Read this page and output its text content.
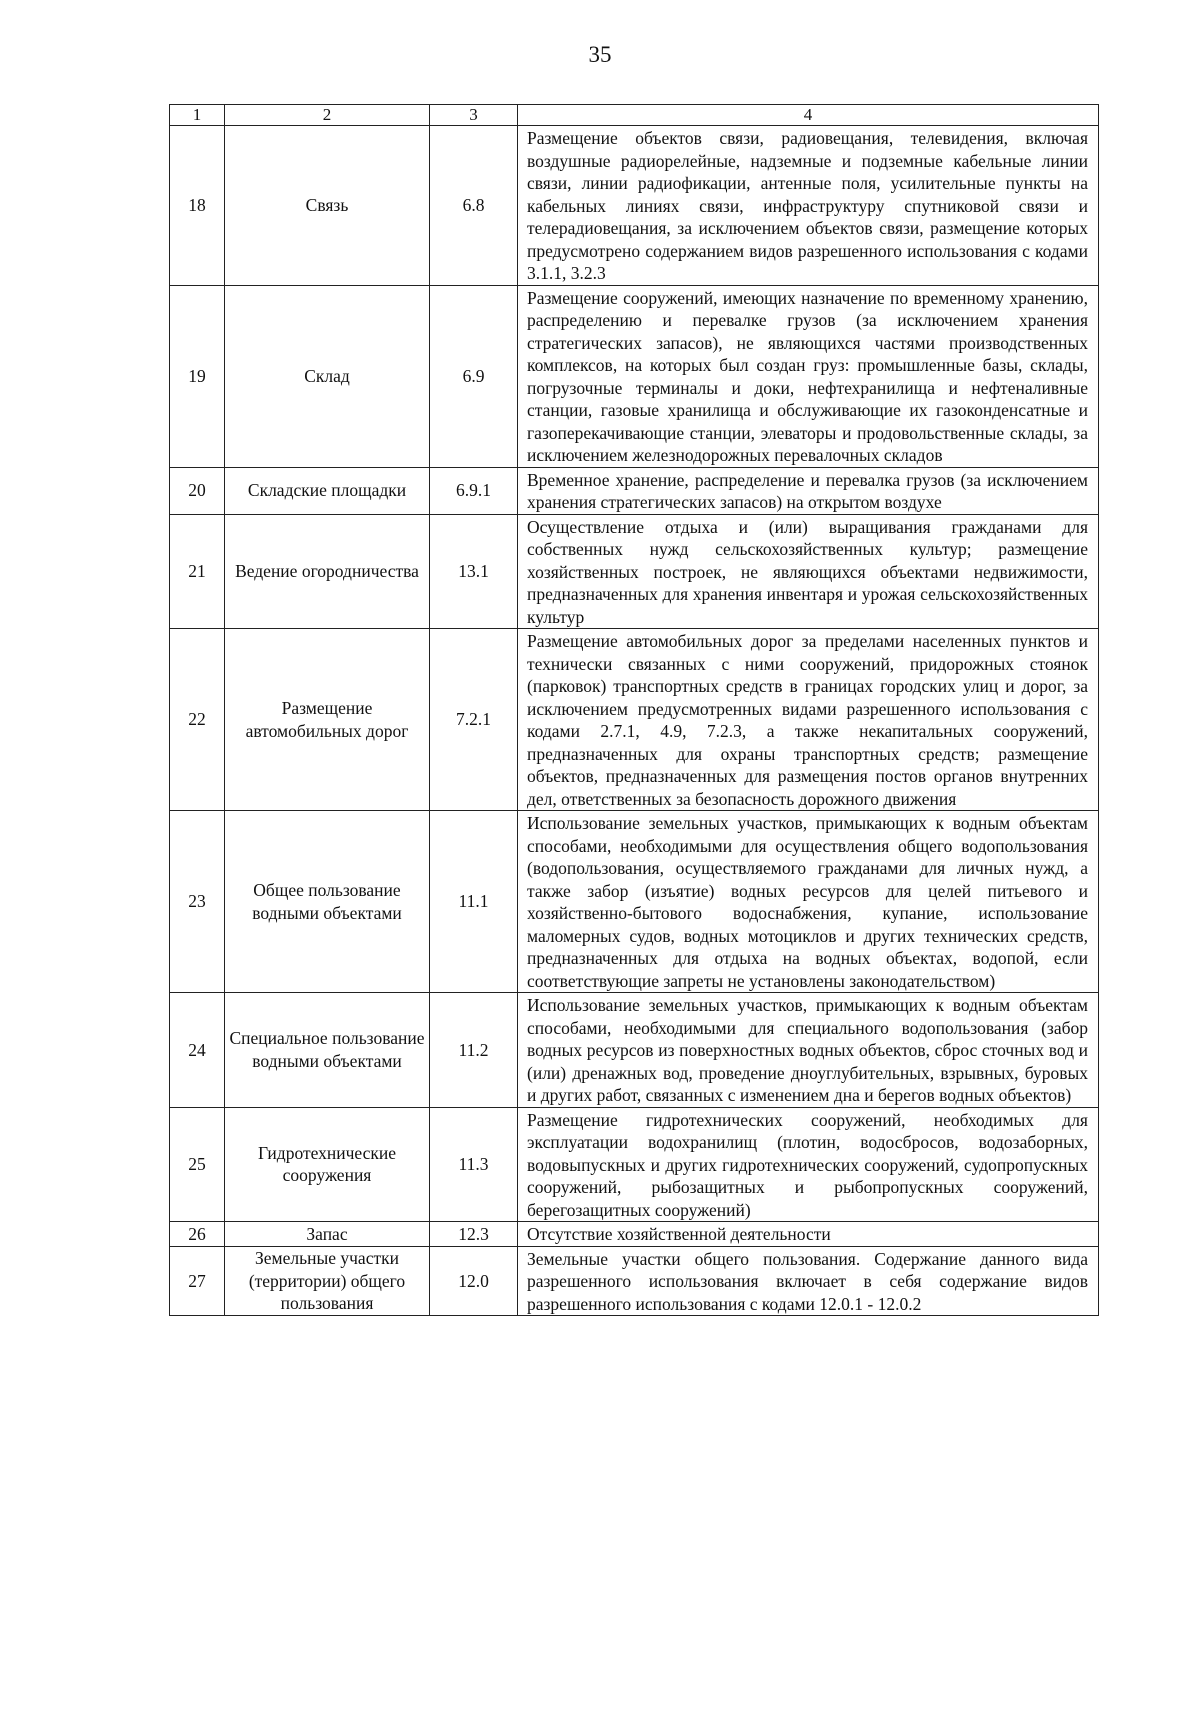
35
1	2	3	4
18	Связь	6.8	Размещение объектов связи, радиовещания, телевидения, включая воздушные радиорелейные, надземные и подземные кабельные линии связи, линии радиофикации, антенные поля, усилительные пункты на кабельных линиях связи, инфраструктуру спутниковой связи и телерадиовещания, за исключением объектов связи, размещение которых предусмотрено содержанием видов разрешенного использования с кодами 3.1.1, 3.2.3
19	Склад	6.9	Размещение сооружений, имеющих назначение по временному хранению, распределению и перевалке грузов (за исключением хранения стратегических запасов), не являющихся частями производственных комплексов, на которых был создан груз: промышленные базы, склады, погрузочные терминалы и доки, нефтехранилища и нефтеналивные станции, газовые хранилища и обслуживающие их газоконденсатные и газоперекачивающие станции, элеваторы и продовольственные склады, за исключением железнодорожных перевалочных складов
20	Складские площадки	6.9.1	Временное хранение, распределение и перевалка грузов (за исключением хранения стратегических запасов) на открытом воздухе
21	Ведение огородничества	13.1	Осуществление отдыха и (или) выращивания гражданами для собственных нужд сельскохозяйственных культур; размещение хозяйственных построек, не являющихся объектами недвижимости, предназначенных для хранения инвентаря и урожая сельскохозяйственных культур
22	Размещение автомобильных дорог	7.2.1	Размещение автомобильных дорог за пределами населенных пунктов и технически связанных с ними сооружений, придорожных стоянок (парковок) транспортных средств в границах городских улиц и дорог, за исключением предусмотренных видами разрешенного использования с кодами 2.7.1, 4.9, 7.2.3, а также некапитальных сооружений, предназначенных для охраны транспортных средств; размещение объектов, предназначенных для размещения постов органов внутренних дел, ответственных за безопасность дорожного движения
23	Общее пользование водными объектами	11.1	Использование земельных участков, примыкающих к водным объектам способами, необходимыми для осуществления общего водопользования (водопользования, осуществляемого гражданами для личных нужд, а также забор (изъятие) водных ресурсов для целей питьевого и хозяйственно-бытового водоснабжения, купание, использование маломерных судов, водных мотоциклов и других технических средств, предназначенных для отдыха на водных объектах, водопой, если соответствующие запреты не установлены законодательством)
24	Специальное пользование водными объектами	11.2	Использование земельных участков, примыкающих к водным объектам способами, необходимыми для специального водопользования (забор водных ресурсов из поверхностных водных объектов, сброс сточных вод и (или) дренажных вод, проведение дноуглубительных, взрывных, буровых и других работ, связанных с изменением дна и берегов водных объектов)
25	Гидротехнические сооружения	11.3	Размещение гидротехнических сооружений, необходимых для эксплуатации водохранилищ (плотин, водосбросов, водозаборных, водовыпускных и других гидротехнических сооружений, судопропускных сооружений, рыбозащитных и рыбопропускных сооружений, берегозащитных сооружений)
26	Запас	12.3	Отсутствие хозяйственной деятельности
27	Земельные участки (территории) общего пользования	12.0	Земельные участки общего пользования. Содержание данного вида разрешенного использования включает в себя содержание видов разрешенного использования с кодами 12.0.1 - 12.0.2
